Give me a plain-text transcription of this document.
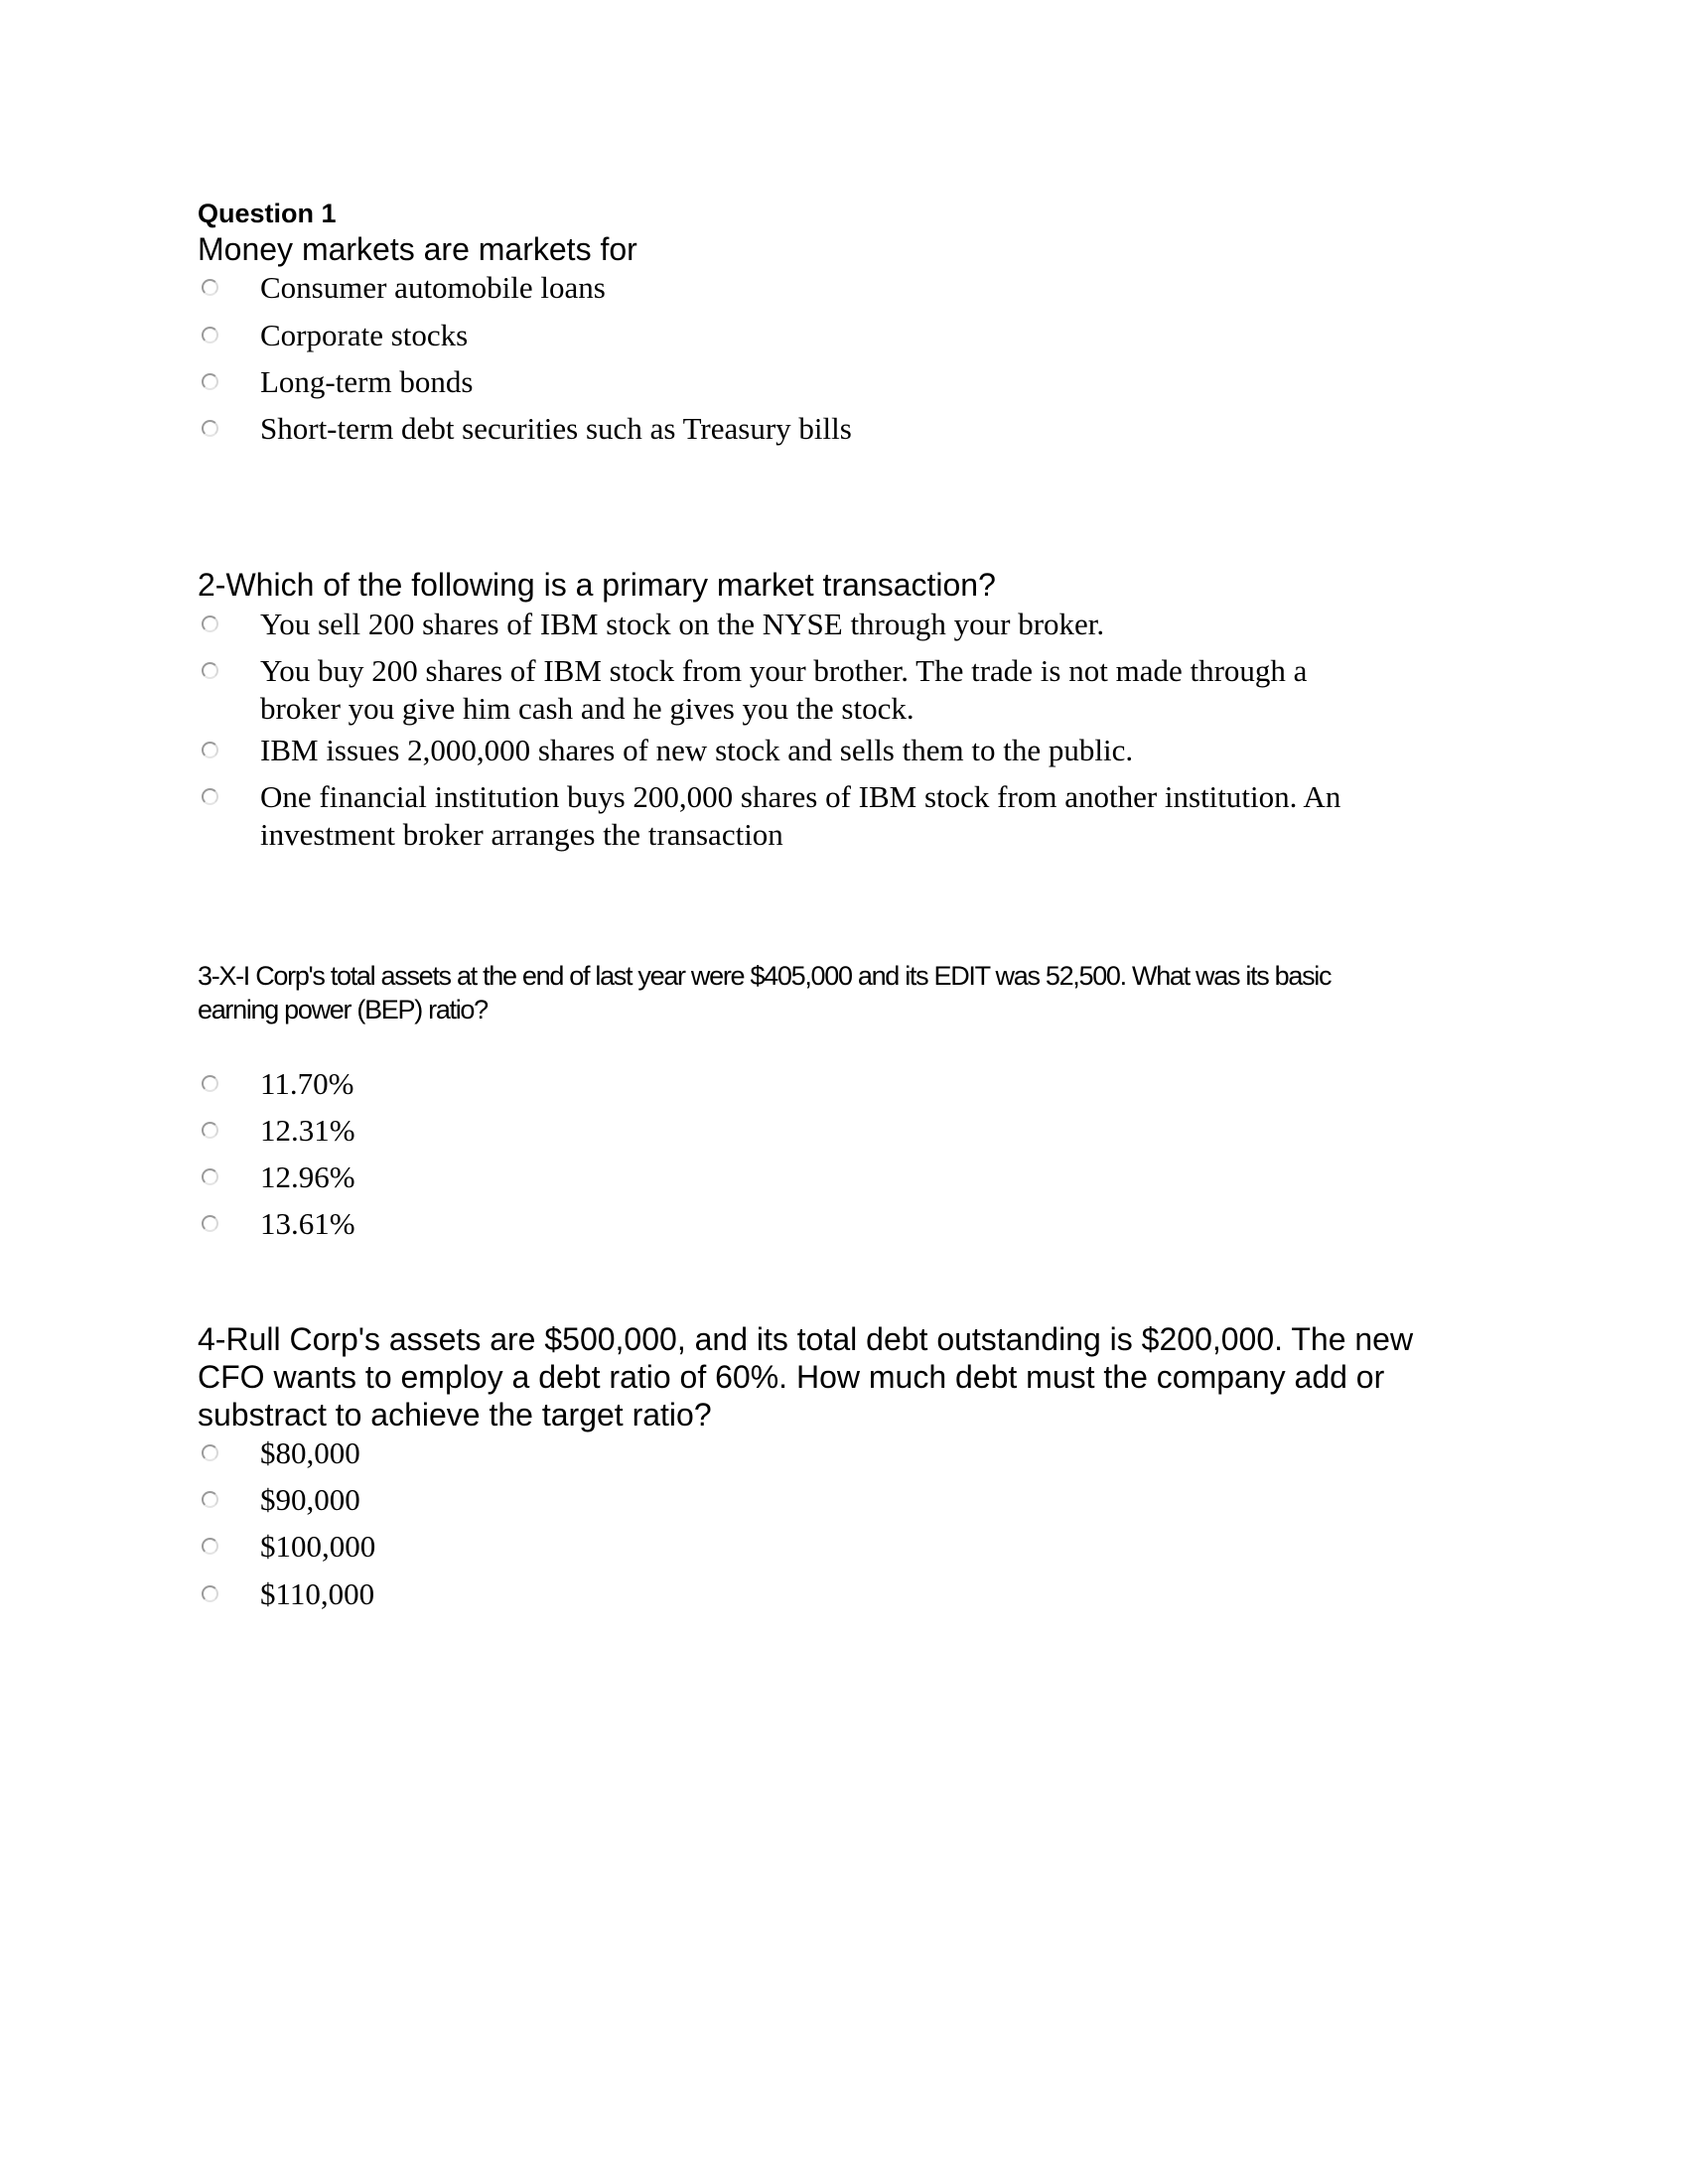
Question 1
Money markets are markets for
Consumer automobile loans
Corporate stocks
Long-term bonds
Short-term debt securities such as Treasury bills
2-Which of the following is a primary market transaction?
You sell 200 shares of IBM stock on the NYSE through your broker.
You buy 200 shares of IBM stock from your brother. The trade is not made through a
broker you give him cash and he gives you the stock.
IBM issues 2,000,000 shares of new stock and sells them to the public.
One financial institution buys 200,000 shares of IBM stock from another institution. An
investment broker arranges the transaction
3-X-I Corp's total assets at the end of last year were $405,000 and its EDIT was 52,500. What was its basic
earning power (BEP) ratio?
11.70%
12.31%
12.96%
13.61%
4-Rull Corp's assets are $500,000, and its total debt outstanding is $200,000. The new
CFO wants to employ a debt ratio of 60%. How much debt must the company add or
substract to achieve the target ratio?
$80,000
$90,000
$100,000
$110,000
